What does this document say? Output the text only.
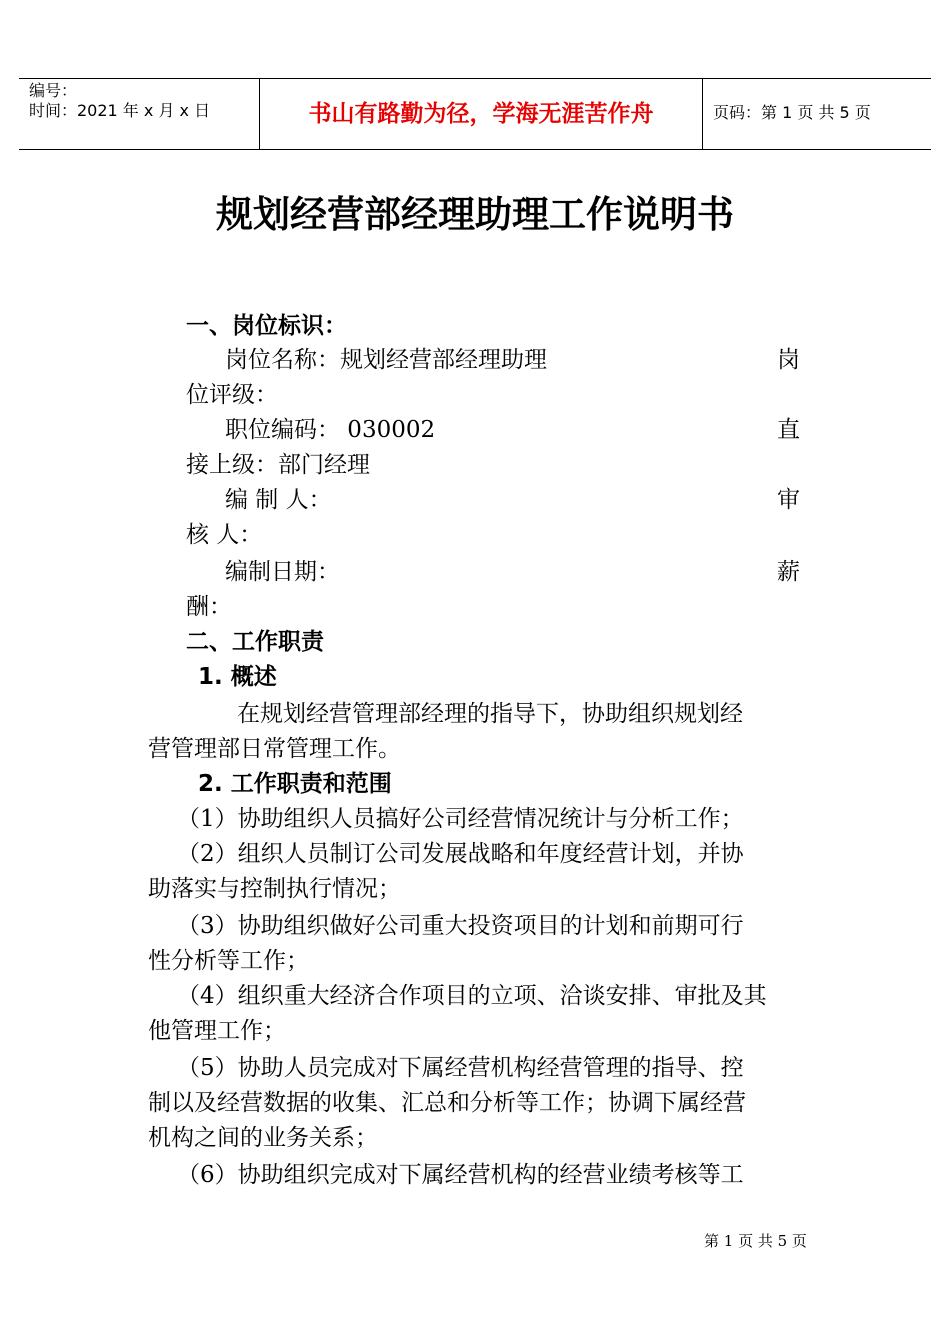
编号：
时间：2021 年 x 月 x 日	书山有路勤为径，学海无涯苦作舟	页码：第 1 页 共 5 页
规划经营部经理助理工作说明书
一、岗位标识：
岗位名称：规划经营部经理助理	岗
位评级：
职位编码： 030002	直
接上级：部门经理
编 制 人：	审
核 人：
编制日期：	薪
酬：
二、工作职责
1. 概述
在规划经营管理部经理的指导下，协助组织规划经
营管理部日常管理工作。
2. 工作职责和范围
（1）协助组织人员搞好公司经营情况统计与分析工作；
（2）组织人员制订公司发展战略和年度经营计划，并协
助落实与控制执行情况；
（3）协助组织做好公司重大投资项目的计划和前期可行
性分析等工作；
（4）组织重大经济合作项目的立项、洽谈安排、审批及其
他管理工作；
（5）协助人员完成对下属经营机构经营管理的指导、控
制以及经营数据的收集、汇总和分析等工作；协调下属经营
机构之间的业务关系；
（6）协助组织完成对下属经营机构的经营业绩考核等工
第 1 页 共 5 页
